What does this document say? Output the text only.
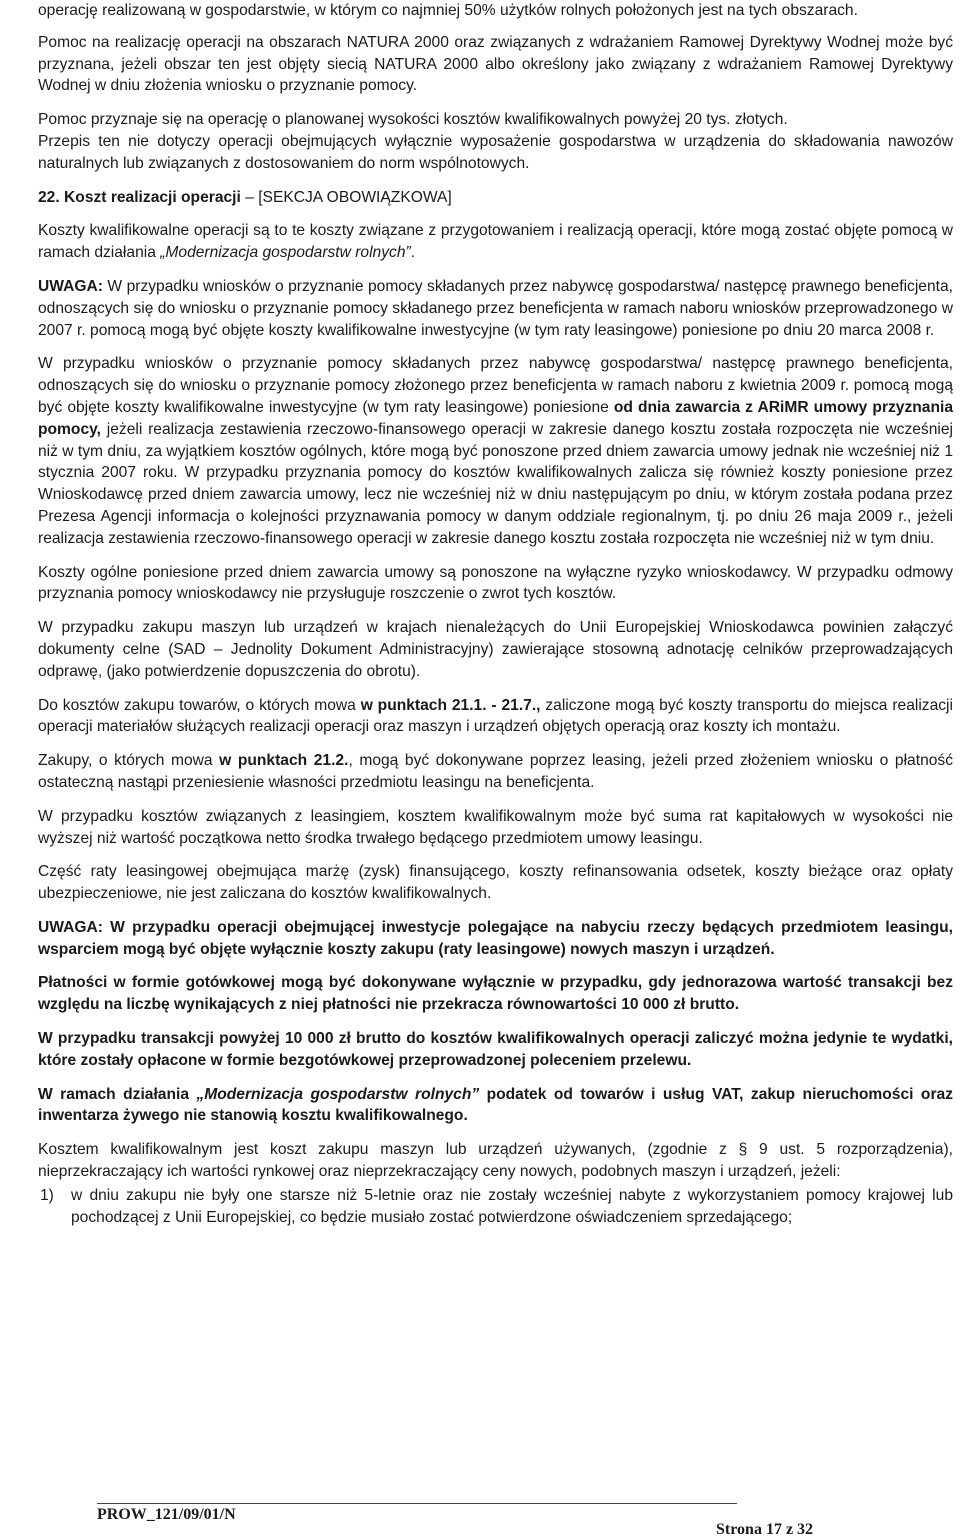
operację realizowaną w gospodarstwie, w którym co najmniej 50% użytków rolnych położonych jest na tych obszarach.

Pomoc na realizację operacji na obszarach NATURA 2000 oraz związanych z wdrażaniem Ramowej Dyrektywy Wodnej może być przyznana, jeżeli obszar ten jest objęty siecią NATURA 2000 albo określony jako związany z wdrażaniem Ramowej Dyrektywy Wodnej w dniu złożenia wniosku o przyznanie pomocy.

Pomoc przyznaje się na operację o planowanej wysokości kosztów kwalifikowalnych powyżej 20 tys. złotych.

Przepis ten nie dotyczy operacji obejmujących wyłącznie wyposażenie gospodarstwa w urządzenia do składowania nawozów naturalnych lub związanych z dostosowaniem do norm wspólnotowych.

22. Koszt realizacji operacji – [SEKCJA OBOWIĄZKOWA]

Koszty kwalifikowalne operacji są to te koszty związane z przygotowaniem i realizacją operacji, które mogą zostać objęte pomocą w ramach działania „Modernizacja gospodarstw rolnych”.

UWAGA: W przypadku wniosków o przyznanie pomocy składanych przez nabywcę gospodarstwa/ następcę prawnego beneficjenta, odnoszących się do wniosku o przyznanie pomocy składanego przez beneficjenta w ramach naboru wniosków przeprowadzonego w 2007 r. pomocą mogą być objęte koszty kwalifikowalne inwestycyjne (w tym raty leasingowe) poniesione po dniu 20 marca 2008 r.

W przypadku wniosków o przyznanie pomocy składanych przez nabywcę gospodarstwa/ następcę prawnego beneficjenta, odnoszących się do wniosku o przyznanie pomocy złożonego przez beneficjenta w ramach naboru z kwietnia 2009 r. pomocą mogą być objęte koszty kwalifikowalne inwestycyjne (w tym raty leasingowe) poniesione od dnia zawarcia z ARiMR umowy przyznania pomocy, jeżeli realizacja zestawienia rzeczowo-finansowego operacji w zakresie danego kosztu została rozpoczęta nie wcześniej niż w tym dniu, za wyjątkiem kosztów ogólnych, które mogą być ponoszone przed dniem zawarcia umowy jednak nie wcześniej niż 1 stycznia 2007 roku. W przypadku przyznania pomocy do kosztów kwalifikowalnych zalicza się również koszty poniesione przez Wnioskodawcę przed dniem zawarcia umowy, lecz nie wcześniej niż w dniu następującym po dniu, w którym została podana przez Prezesa Agencji informacja o kolejności przyznawania pomocy w danym oddziale regionalnym, tj. po dniu 26 maja 2009 r., jeżeli realizacja zestawienia rzeczowo-finansowego operacji w zakresie danego kosztu została rozpoczęta nie wcześniej niż w tym dniu.

Koszty ogólne poniesione przed dniem zawarcia umowy są ponoszone na wyłączne ryzyko wnioskodawcy. W przypadku odmowy przyznania pomocy wnioskodawcy nie przysługuje roszczenie o zwrot tych kosztów.

W przypadku zakupu maszyn lub urządzeń w krajach nienależących do Unii Europejskiej Wnioskodawca powinien załączyć dokumenty celne (SAD – Jednolity Dokument Administracyjny) zawierające stosowną adnotację celników przeprowadzających odprawę, (jako potwierdzenie dopuszczenia do obrotu).

Do kosztów zakupu towarów, o których mowa w punktach 21.1. - 21.7., zaliczone mogą być koszty transportu do miejsca realizacji operacji materiałów służących realizacji operacji oraz maszyn i urządzeń objętych operacją oraz koszty ich montażu.

Zakupy, o których mowa w punktach 21.2., mogą być dokonywane poprzez leasing, jeżeli przed złożeniem wniosku o płatność ostateczną nastąpi przeniesienie własności przedmiotu leasingu na beneficjenta.

W przypadku kosztów związanych z leasingiem, kosztem kwalifikowalnym może być suma rat kapitałowych w wysokości nie wyższej niż wartość początkowa netto środka trwałego będącego przedmiotem umowy leasingu.

Część raty leasingowej obejmująca marżę (zysk) finansującego, koszty refinansowania odsetek, koszty bieżące oraz opłaty ubezpieczeniowe, nie jest zaliczana do kosztów kwalifikowalnych.

UWAGA: W przypadku operacji obejmującej inwestycje polegające na nabyciu rzeczy będących przedmiotem leasingu, wsparciem mogą być objęte wyłącznie koszty zakupu (raty leasingowe) nowych maszyn i urządzeń.

Płatności w formie gotówkowej mogą być dokonywane wyłącznie w przypadku, gdy jednorazowa wartość transakcji bez względu na liczbę wynikających z niej płatności nie przekracza równowartości 10 000 zł brutto.

W przypadku transakcji powyżej 10 000 zł brutto do kosztów kwalifikowalnych operacji zaliczyć można jedynie te wydatki, które zostały opłacone w formie bezgotówkowej przeprowadzonej poleceniem przelewu.

W ramach działania „Modernizacja gospodarstw rolnych” podatek od towarów i usług VAT, zakup nieruchomości oraz inwentarza żywego nie stanowią kosztu kwalifikowalnego.

Kosztem kwalifikowalnym jest koszt zakupu maszyn lub urządzeń używanych, (zgodnie z § 9 ust. 5 rozporządzenia), nieprzekraczający ich wartości rynkowej oraz nieprzekraczający ceny nowych, podobnych maszyn i urządzeń, jeżeli:

1)	w dniu zakupu nie były one starsze niż 5-letnie oraz nie zostały wcześniej nabyte z wykorzystaniem pomocy krajowej lub pochodzącej z Unii Europejskiej, co będzie musiało zostać potwierdzone oświadczeniem sprzedającego;
PROW_121/09/01/N
Strona 17 z 32
